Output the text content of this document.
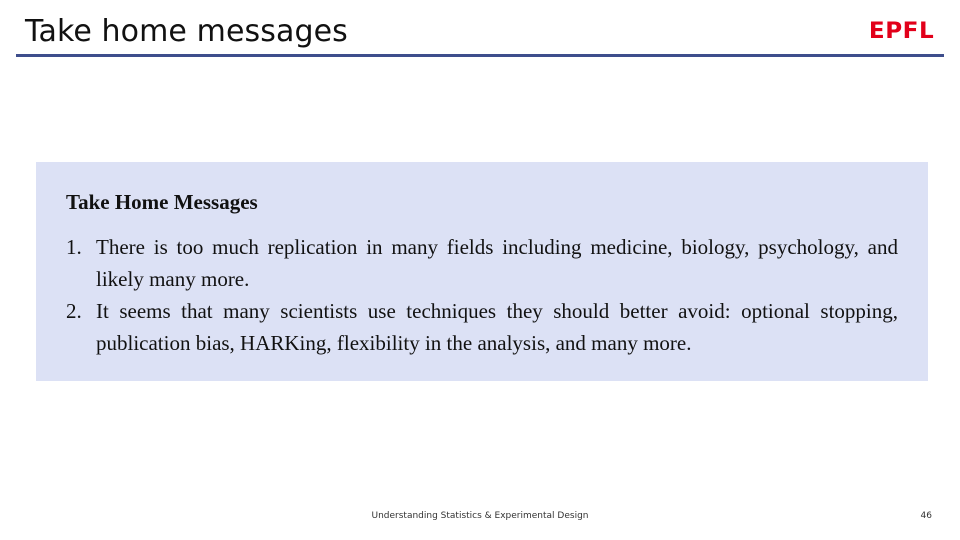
Take home messages	EPFL
Take Home Messages
1. There is too much replication in many fields including medicine, biology, psychology, and likely many more.
2. It seems that many scientists use techniques they should better avoid: optional stopping, publication bias, HARKing, flexibility in the analysis, and many more.
Understanding Statistics & Experimental Design	46
